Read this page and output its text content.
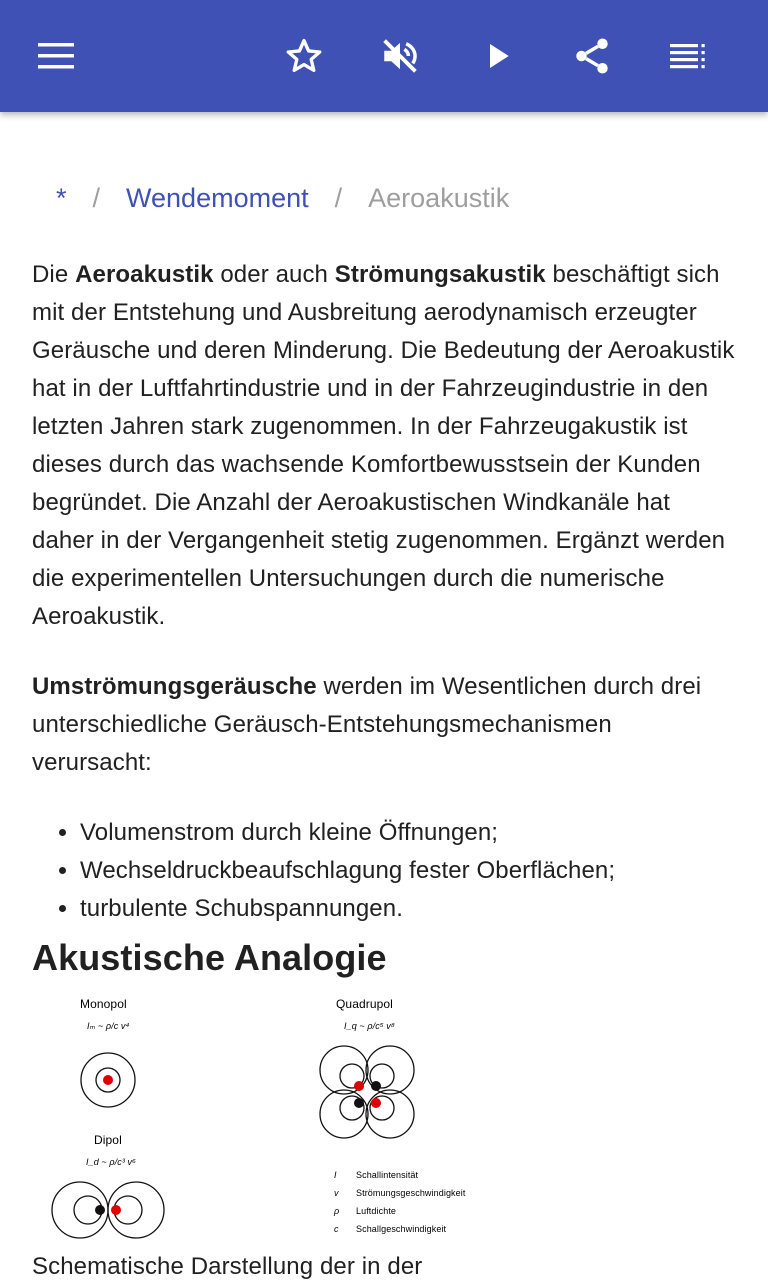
* / Wendemoment / Aeroakustik

Die Aeroakustik oder auch Strömungsakustik beschäftigt sich mit der Entstehung und Ausbreitung aerodynamisch erzeugter Geräusche und deren Minderung. Die Bedeutung der Aeroakustik hat in der Luftfahrtindustrie und in der Fahrzeugindustrie in den letzten Jahren stark zugenommen. In der Fahrzeugakustik ist dieses durch das wachsende Komfortbewusstsein der Kunden begründet. Die Anzahl der Aeroakustischen Windkanäle hat daher in der Vergangenheit stetig zugenommen. Ergänzt werden die experimentellen Untersuchungen durch die numerische Aeroakustik.

Umströmungsgeräusche werden im Wesentlichen durch drei unterschiedliche Geräusch-Entstehungsmechanismen verursacht:

• Volumenstrom durch kleine Öffnungen;
• Wechseldruckbeaufschlagung fester Oberflächen;
• turbulente Schubspannungen.
Akustische Analogie
Monopol
Iₘ ~ ρ/c v⁴
Quadrupol
I_q ~ ρ/c⁵ v⁸
Dipol
I_d ~ ρ/c³ v⁶
I Schallintensität
v Strömungsgeschwindigkeit
ρ Luftdichte
c Schallgeschwindigkeit
Schematische Darstellung der in der
